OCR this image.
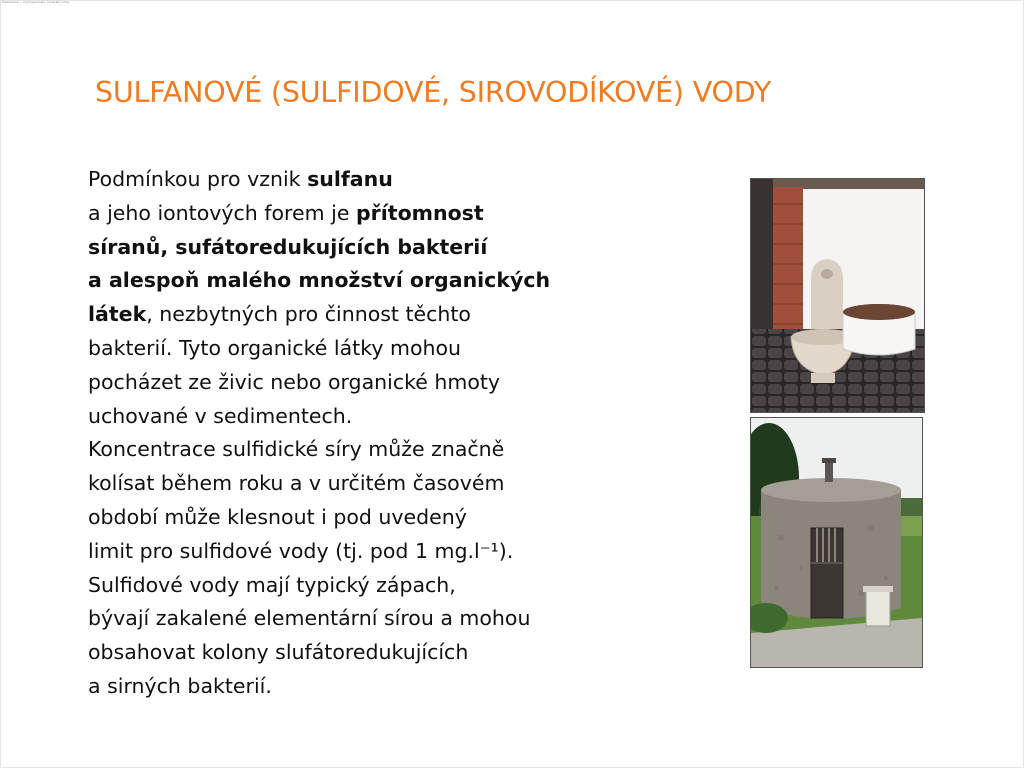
Prezentace — hydrogeologie, minerální vody
SULFANOVÉ (SULFIDOVÉ, SIROVODÍKOVÉ) VODY
Podmínkou pro vznik sulfanu
a jeho iontových forem je přítomnost
síranů, sufátoredukujících bakterií
a alespoň malého množství organických
látek, nezbytných pro činnost těchto
bakterií. Tyto organické látky mohou
pocházet ze živic nebo organické hmoty
uchované v sedimentech.
Koncentrace sulfidické síry může značně
kolísat během roku a v určitém časovém
období může klesnout i pod uvedený
limit pro sulfidové vody (tj. pod 1 mg.l⁻¹).
Sulfidové vody mají typický zápach,
bývají zakalené elementární sírou a mohou
obsahovat kolony slufátoredukujících
a sirných bakterií.
